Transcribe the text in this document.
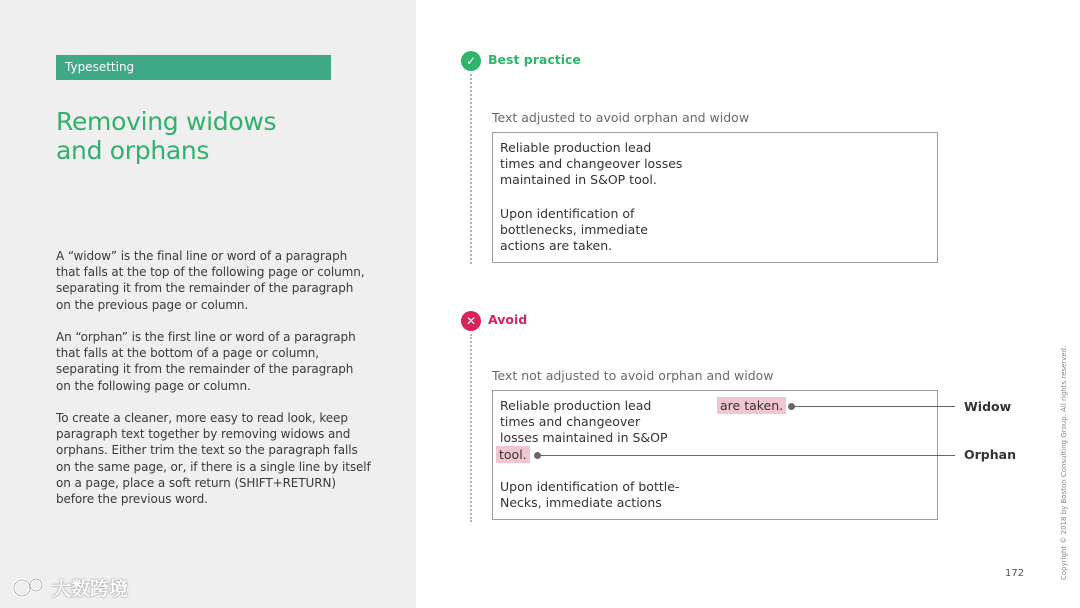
Typesetting
Removing widows
and orphans
A “widow” is the final line or word of a paragraph
that falls at the top of the following page or column,
separating it from the remainder of the paragraph
on the previous page or column.
An “orphan” is the first line or word of a paragraph
that falls at the bottom of a page or column,
separating it from the remainder of the paragraph
on the following page or column.
To create a cleaner, more easy to read look, keep
paragraph text together by removing widows and
orphans. Either trim the text so the paragraph falls
on the same page, or, if there is a single line by itself
on a page, place a soft return (SHIFT+RETURN)
before the previous word.
大数跨境
✓ Best practice
Text adjusted to avoid orphan and widow
Reliable production lead
times and changeover losses
maintained in S&OP tool.
Upon identification of
bottlenecks, immediate
actions are taken.
✕ Avoid
Text not adjusted to avoid orphan and widow
Reliable production lead
times and changeover
losses maintained in S&OP
Upon identification of bottle-
Necks, immediate actions
are taken.
tool.
Widow
Orphan
172	Copyright © 2018 by Boston Consulting Group. All rights reserved.
